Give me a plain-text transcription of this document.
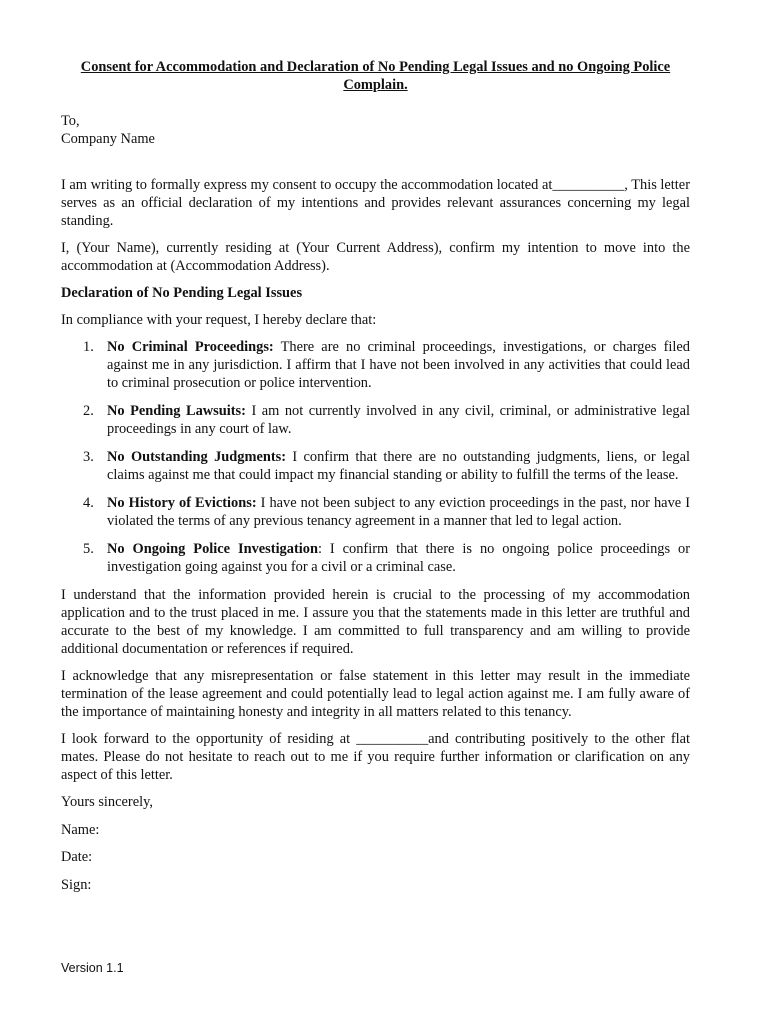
Consent for Accommodation and Declaration of No Pending Legal Issues and no Ongoing Police Complain.

To,

Company Name

I am writing to formally express my consent to occupy the accommodation located at__________, This letter serves as an official declaration of my intentions and provides relevant assurances concerning my legal standing.

I, (Your Name), currently residing at (Your Current Address), confirm my intention to move into the accommodation at (Accommodation Address).

Declaration of No Pending Legal Issues

In compliance with your request, I hereby declare that:

1. No Criminal Proceedings: There are no criminal proceedings, investigations, or charges filed against me in any jurisdiction. I affirm that I have not been involved in any activities that could lead to criminal prosecution or police intervention.
2. No Pending Lawsuits: I am not currently involved in any civil, criminal, or administrative legal proceedings in any court of law.
3. No Outstanding Judgments: I confirm that there are no outstanding judgments, liens, or legal claims against me that could impact my financial standing or ability to fulfill the terms of the lease.
4. No History of Evictions: I have not been subject to any eviction proceedings in the past, nor have I violated the terms of any previous tenancy agreement in a manner that led to legal action.
5. No Ongoing Police Investigation: I confirm that there is no ongoing police proceedings or investigation going against you for a civil or a criminal case.

I understand that the information provided herein is crucial to the processing of my accommodation application and to the trust placed in me. I assure you that the statements made in this letter are truthful and accurate to the best of my knowledge. I am committed to full transparency and am willing to provide additional documentation or references if required.

I acknowledge that any misrepresentation or false statement in this letter may result in the immediate termination of the lease agreement and could potentially lead to legal action against me. I am fully aware of the importance of maintaining honesty and integrity in all matters related to this tenancy.

I look forward to the opportunity of residing at __________and contributing positively to the other flat mates. Please do not hesitate to reach out to me if you require further information or clarification on any aspect of this letter.

Yours sincerely,

Name:

Date:

Sign:

Version 1.1
